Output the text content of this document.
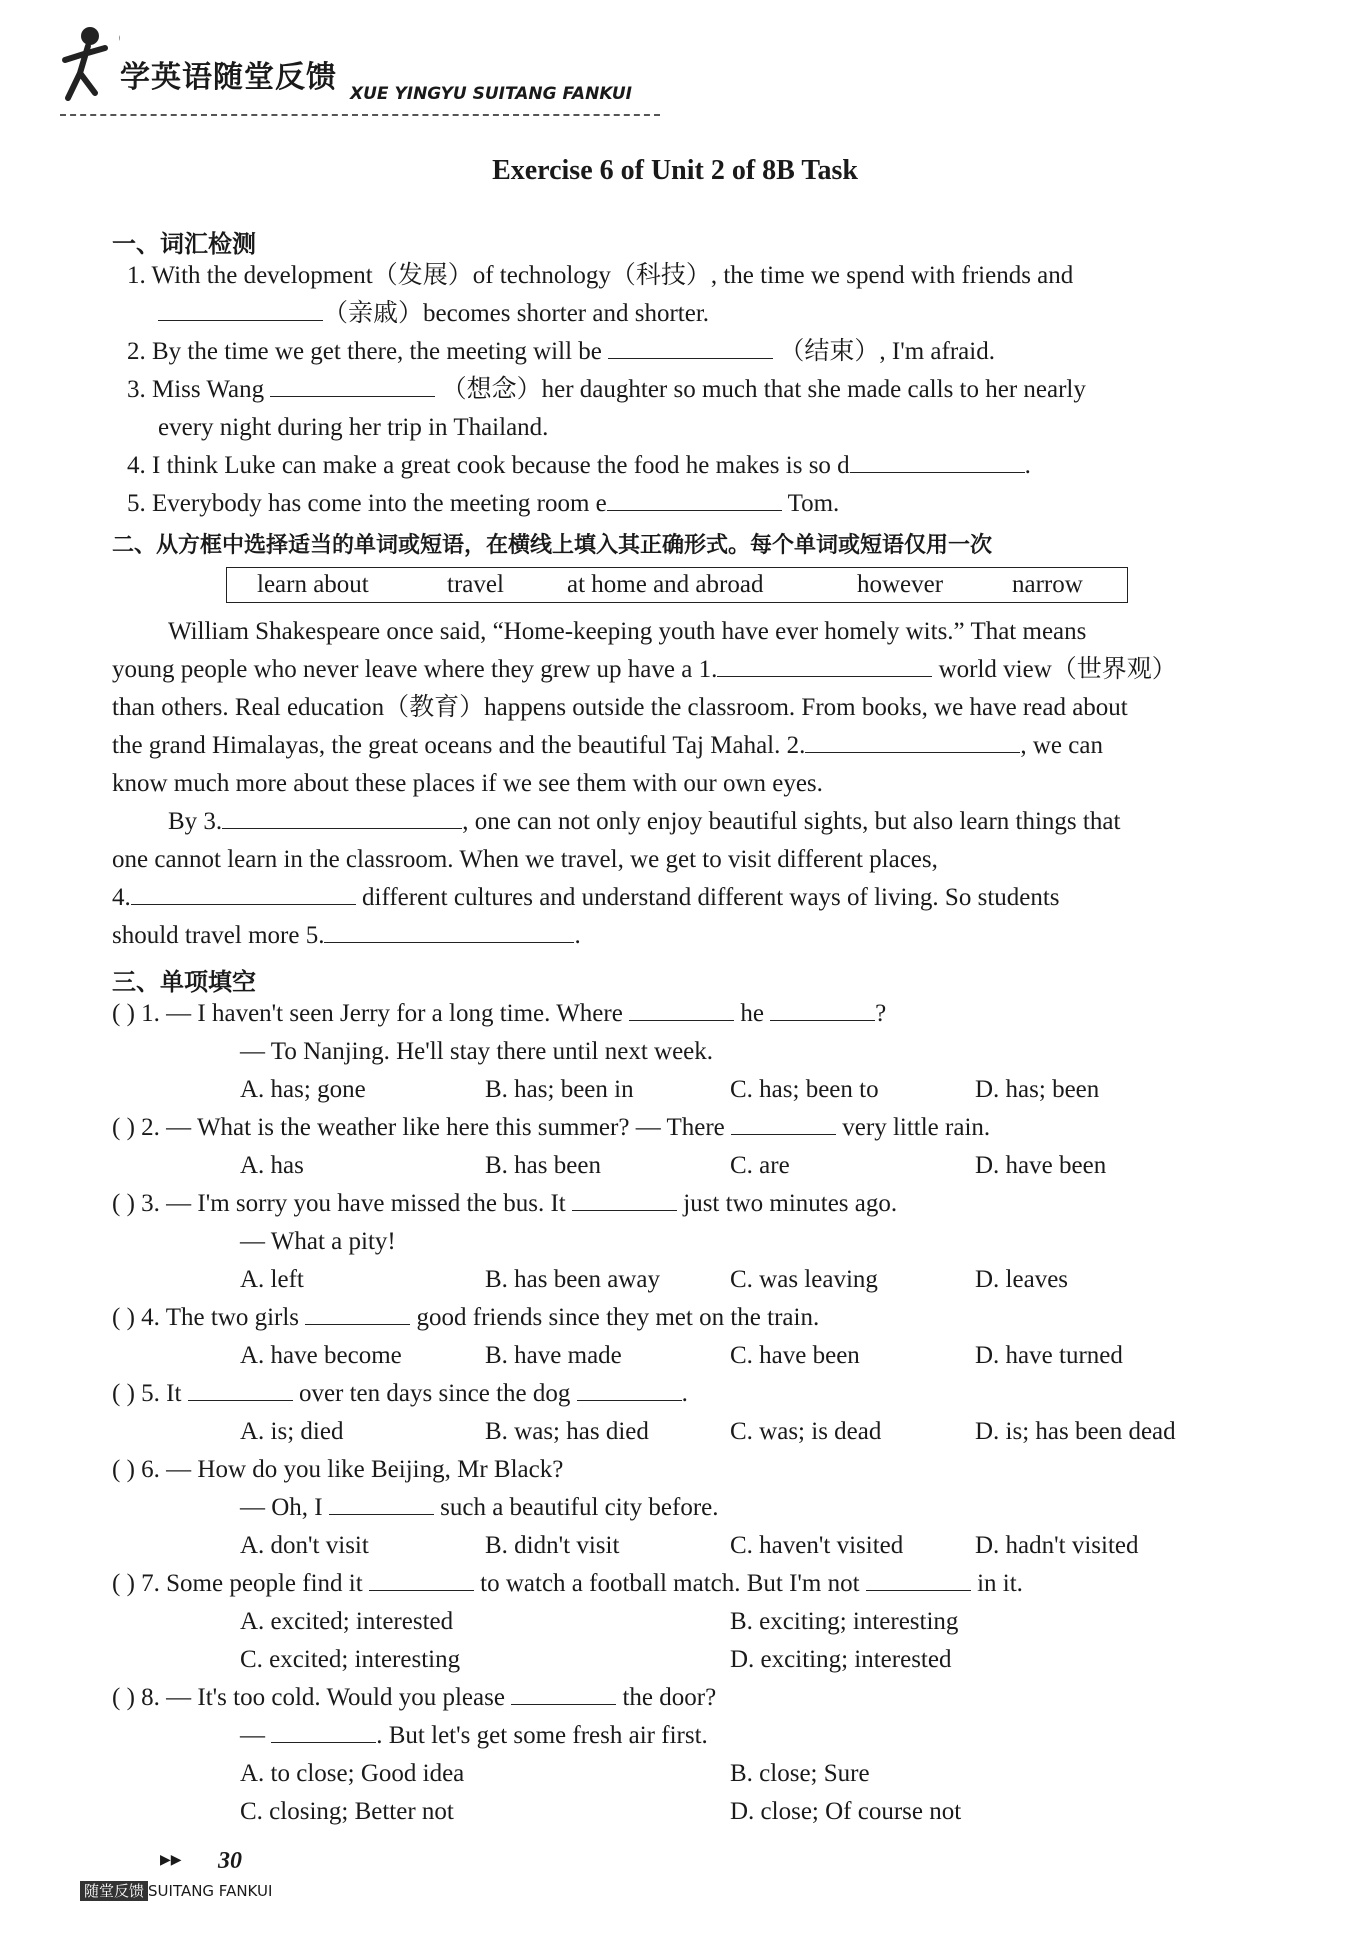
学英语随堂反馈 XUE YINGYU SUITANG FANKUI
Exercise 6 of Unit 2 of 8B Task
一、词汇检测
1. With the development（发展）of technology（科技）, the time we spend with friends and
（亲戚）becomes shorter and shorter.
2. By the time we get there, the meeting will be	（结束）, I'm afraid.
3. Miss Wang	（想念）her daughter so much that she made calls to her nearly
every night during her trip in Thailand.
4. I think Luke can make a great cook because the food he makes is so d	.
5. Everybody has come into the meeting room e	Tom.
二、从方框中选择适当的单词或短语，在横线上填入其正确形式。每个单词或短语仅用一次
learn about	travel	at home and abroad	however	narrow
William Shakespeare once said, “Home-keeping youth have ever homely wits.” That means
young people who never leave where they grew up have a 1.	world view（世界观）
than others. Real education（教育）happens outside the classroom. From books, we have read about
the grand Himalayas, the great oceans and the beautiful Taj Mahal. 2.	, we can
know much more about these places if we see them with our own eyes.
By 3.	, one can not only enjoy beautiful sights, but also learn things that
one cannot learn in the classroom. When we travel, we get to visit different places,
4.	different cultures and understand different ways of living. So students
should travel more 5.	.
三、单项填空
( ) 1. — I haven't seen Jerry for a long time. Where	he	?
— To Nanjing. He'll stay there until next week.
A. has; gone	B. has; been in	C. has; been to	D. has; been
( ) 2. — What is the weather like here this summer? — There	very little rain.
A. has	B. has been	C. are	D. have been
( ) 3. — I'm sorry you have missed the bus. It	just two minutes ago.
— What a pity!
A. left	B. has been away	C. was leaving	D. leaves
( ) 4. The two girls	good friends since they met on the train.
A. have become	B. have made	C. have been	D. have turned
( ) 5. It	over ten days since the dog	.
A. is; died	B. was; has died	C. was; is dead	D. is; has been dead
( ) 6. — How do you like Beijing, Mr Black?
— Oh, I	such a beautiful city before.
A. don't visit	B. didn't visit	C. haven't visited	D. hadn't visited
( ) 7. Some people find it	to watch a football match. But I'm not	in it.
A. excited; interested	B. exciting; interesting
C. excited; interesting	D. exciting; interested
( ) 8. — It's too cold. Would you please	the door?
—	. But let's get some fresh air first.
A. to close; Good idea	B. close; Sure
C. closing; Better not	D. close; Of course not
▶▶ 30
随堂反馈 SUITANG FANKUI
